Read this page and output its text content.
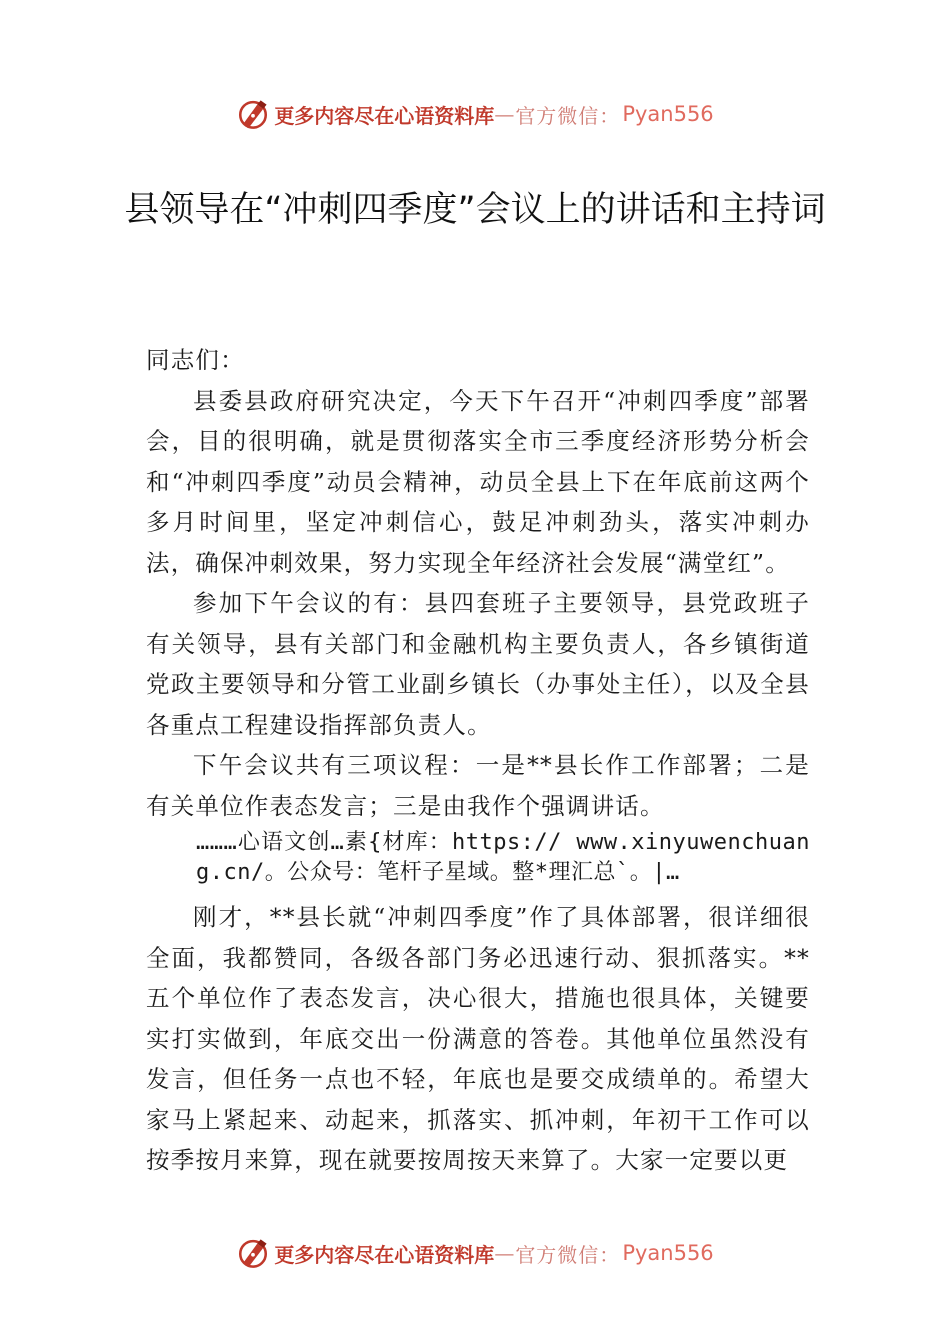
更多内容尽在心语资料库 — 官方微信： Pyan556
县领导在“冲刺四季度”会议上的讲话和主持词

同志们：

县委县政府研究决定，今天下午召开“冲刺四季度”部署会，目的很明确，就是贯彻落实全市三季度经济形势分析会和“冲刺四季度”动员会精神，动员全县上下在年底前这两个多月时间里，坚定冲刺信心，鼓足冲刺劲头，落实冲刺办法，确保冲刺效果，努力实现全年经济社会发展“满堂红”。

参加下午会议的有：县四套班子主要领导，县党政班子有关领导，县有关部门和金融机构主要负责人，各乡镇街道党政主要领导和分管工业副乡镇长（办事处主任），以及全县各重点工程建设指挥部负责人。

下午会议共有三项议程：一是**县长作工作部署；二是有关单位作表态发言；三是由我作个强调讲话。

………心语文创…素{材库：https:// www.xinyuwenchuang.cn/。公众号：笔杆子星域。整*理汇总`。|…

刚才，**县长就“冲刺四季度”作了具体部署，很详细很全面，我都赞同，各级各部门务必迅速行动、狠抓落实。**五个单位作了表态发言，决心很大，措施也很具体，关键要实打实做到，年底交出一份满意的答卷。其他单位虽然没有发言，但任务一点也不轻，年底也是要交成绩单的。希望大家马上紧起来、动起来，抓落实、抓冲刺，年初干工作可以 按季按月来算，现在就要按周按天来算了。大家一定要以更

更多内容尽在心语资料库 — 官方微信： Pyan556
